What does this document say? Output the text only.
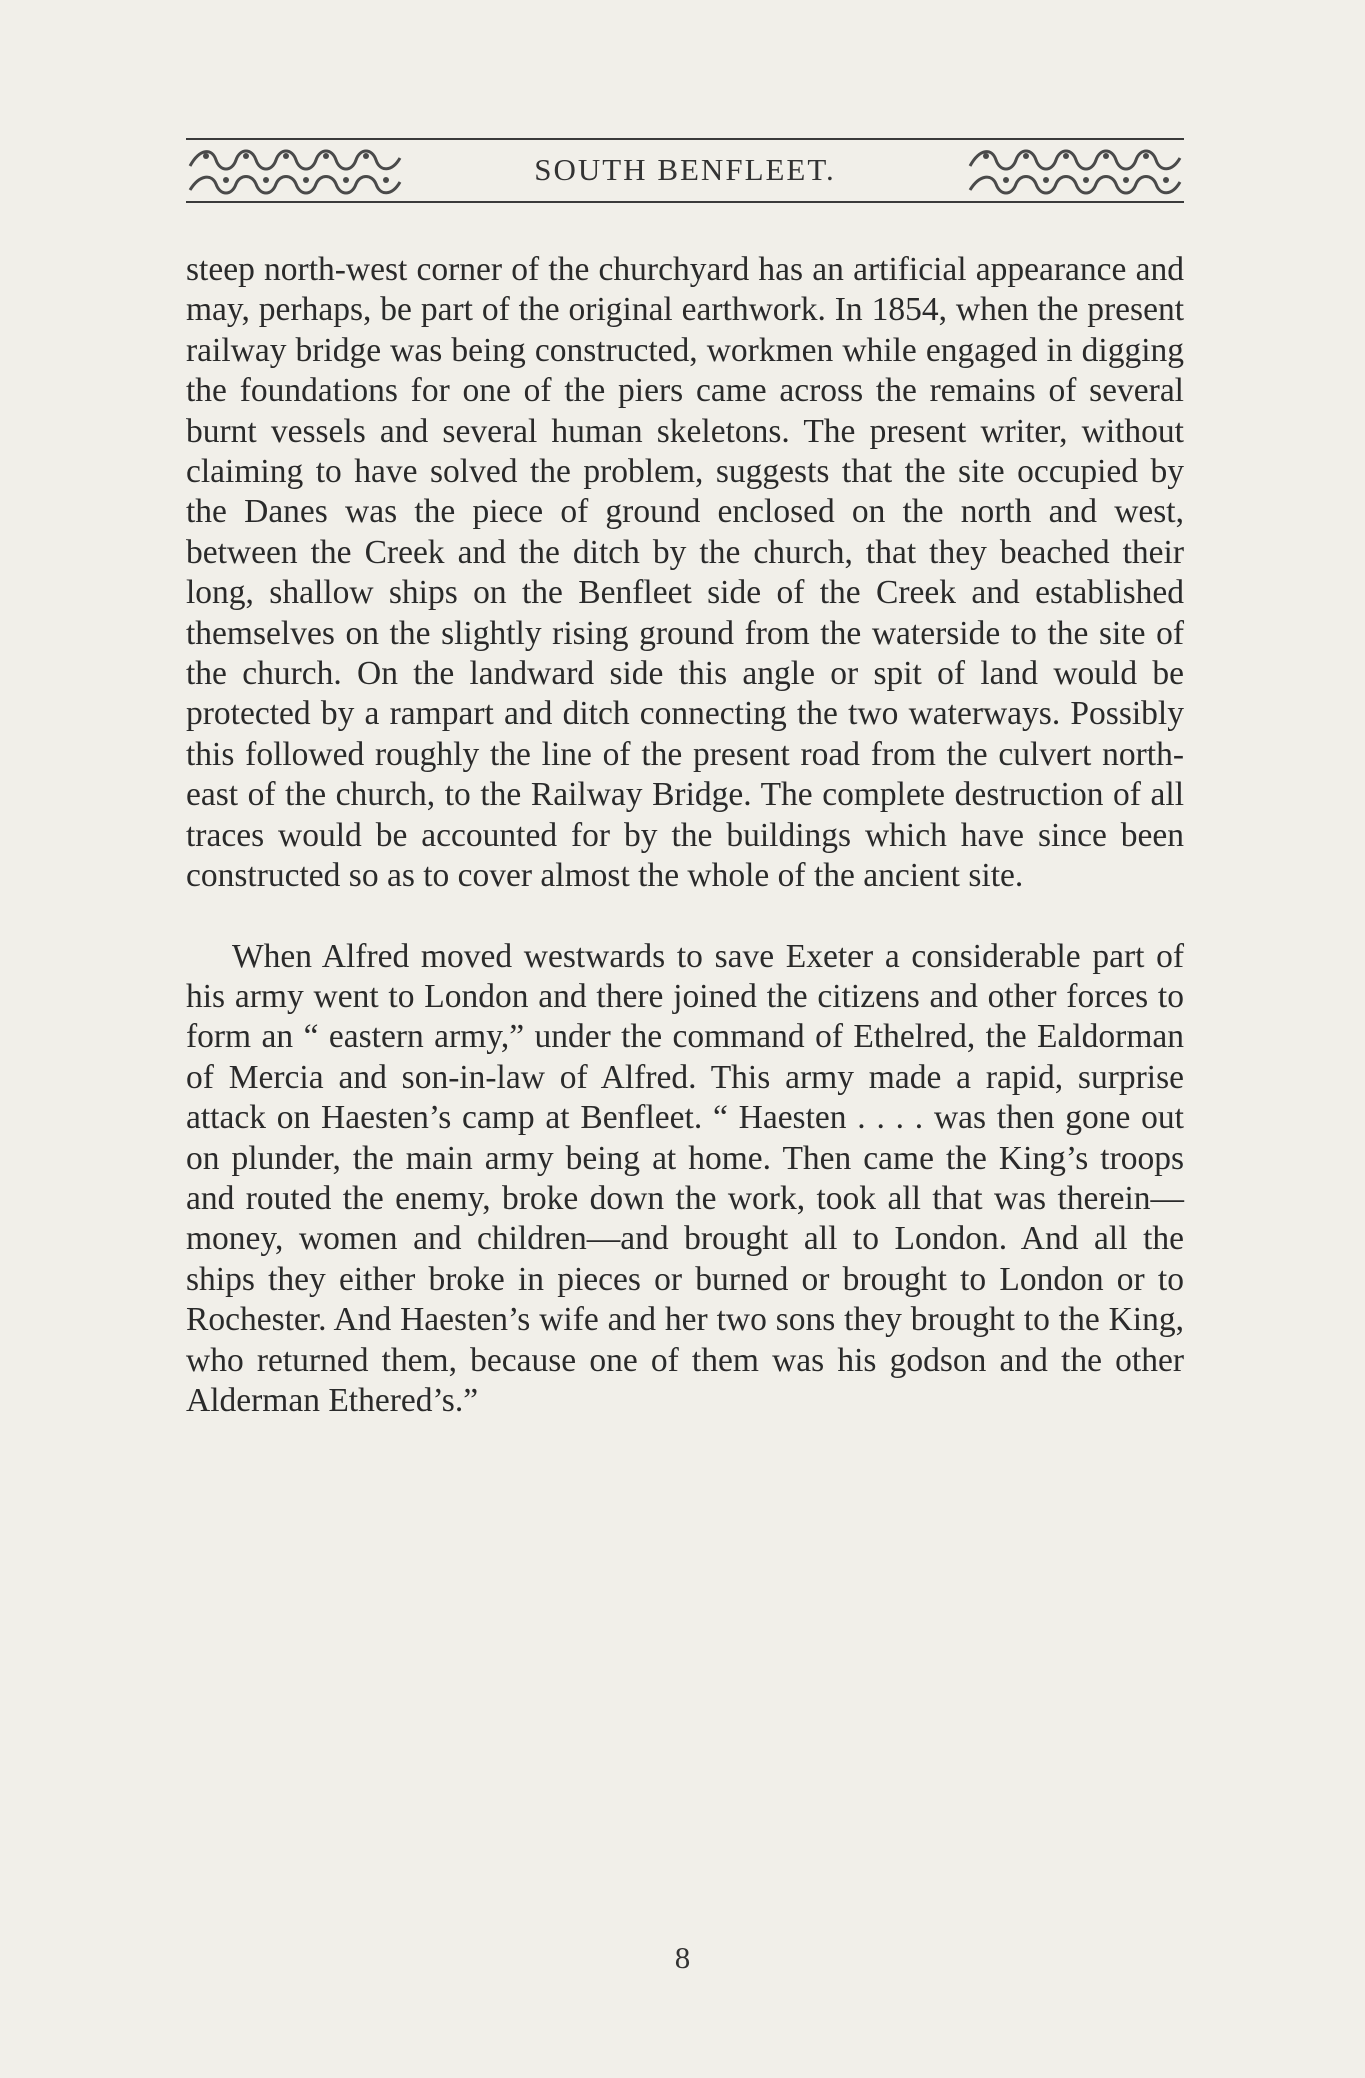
SOUTH BENFLEET.

steep north-west corner of the churchyard has an artificial appearance and may, perhaps, be part of the original earthwork. In 1854, when the present railway bridge was being constructed, workmen while engaged in digging the foundations for one of the piers came across the remains of several burnt vessels and several human skeletons. The present writer, without claiming to have solved the problem, suggests that the site occupied by the Danes was the piece of ground enclosed on the north and west, between the Creek and the ditch by the church, that they beached their long, shallow ships on the Benfleet side of the Creek and established themselves on the slightly rising ground from the waterside to the site of the church. On the landward side this angle or spit of land would be protected by a rampart and ditch connecting the two waterways. Possibly this followed roughly the line of the present road from the culvert north-east of the church, to the Railway Bridge. The complete destruction of all traces would be accounted for by the buildings which have since been constructed so as to cover almost the whole of the ancient site.

When Alfred moved westwards to save Exeter a considerable part of his army went to London and there joined the citizens and other forces to form an “ eastern army,” under the command of Ethelred, the Ealdorman of Mercia and son-in-law of Alfred. This army made a rapid, surprise attack on Haesten’s camp at Benfleet. “ Haesten . . . . was then gone out on plunder, the main army being at home. Then came the King’s troops and routed the enemy, broke down the work, took all that was therein—money, women and children—and brought all to London. And all the ships they either broke in pieces or burned or brought to London or to Rochester. And Haesten’s wife and her two sons they brought to the King, who returned them, because one of them was his godson and the other Alderman Ethered’s.”

8
